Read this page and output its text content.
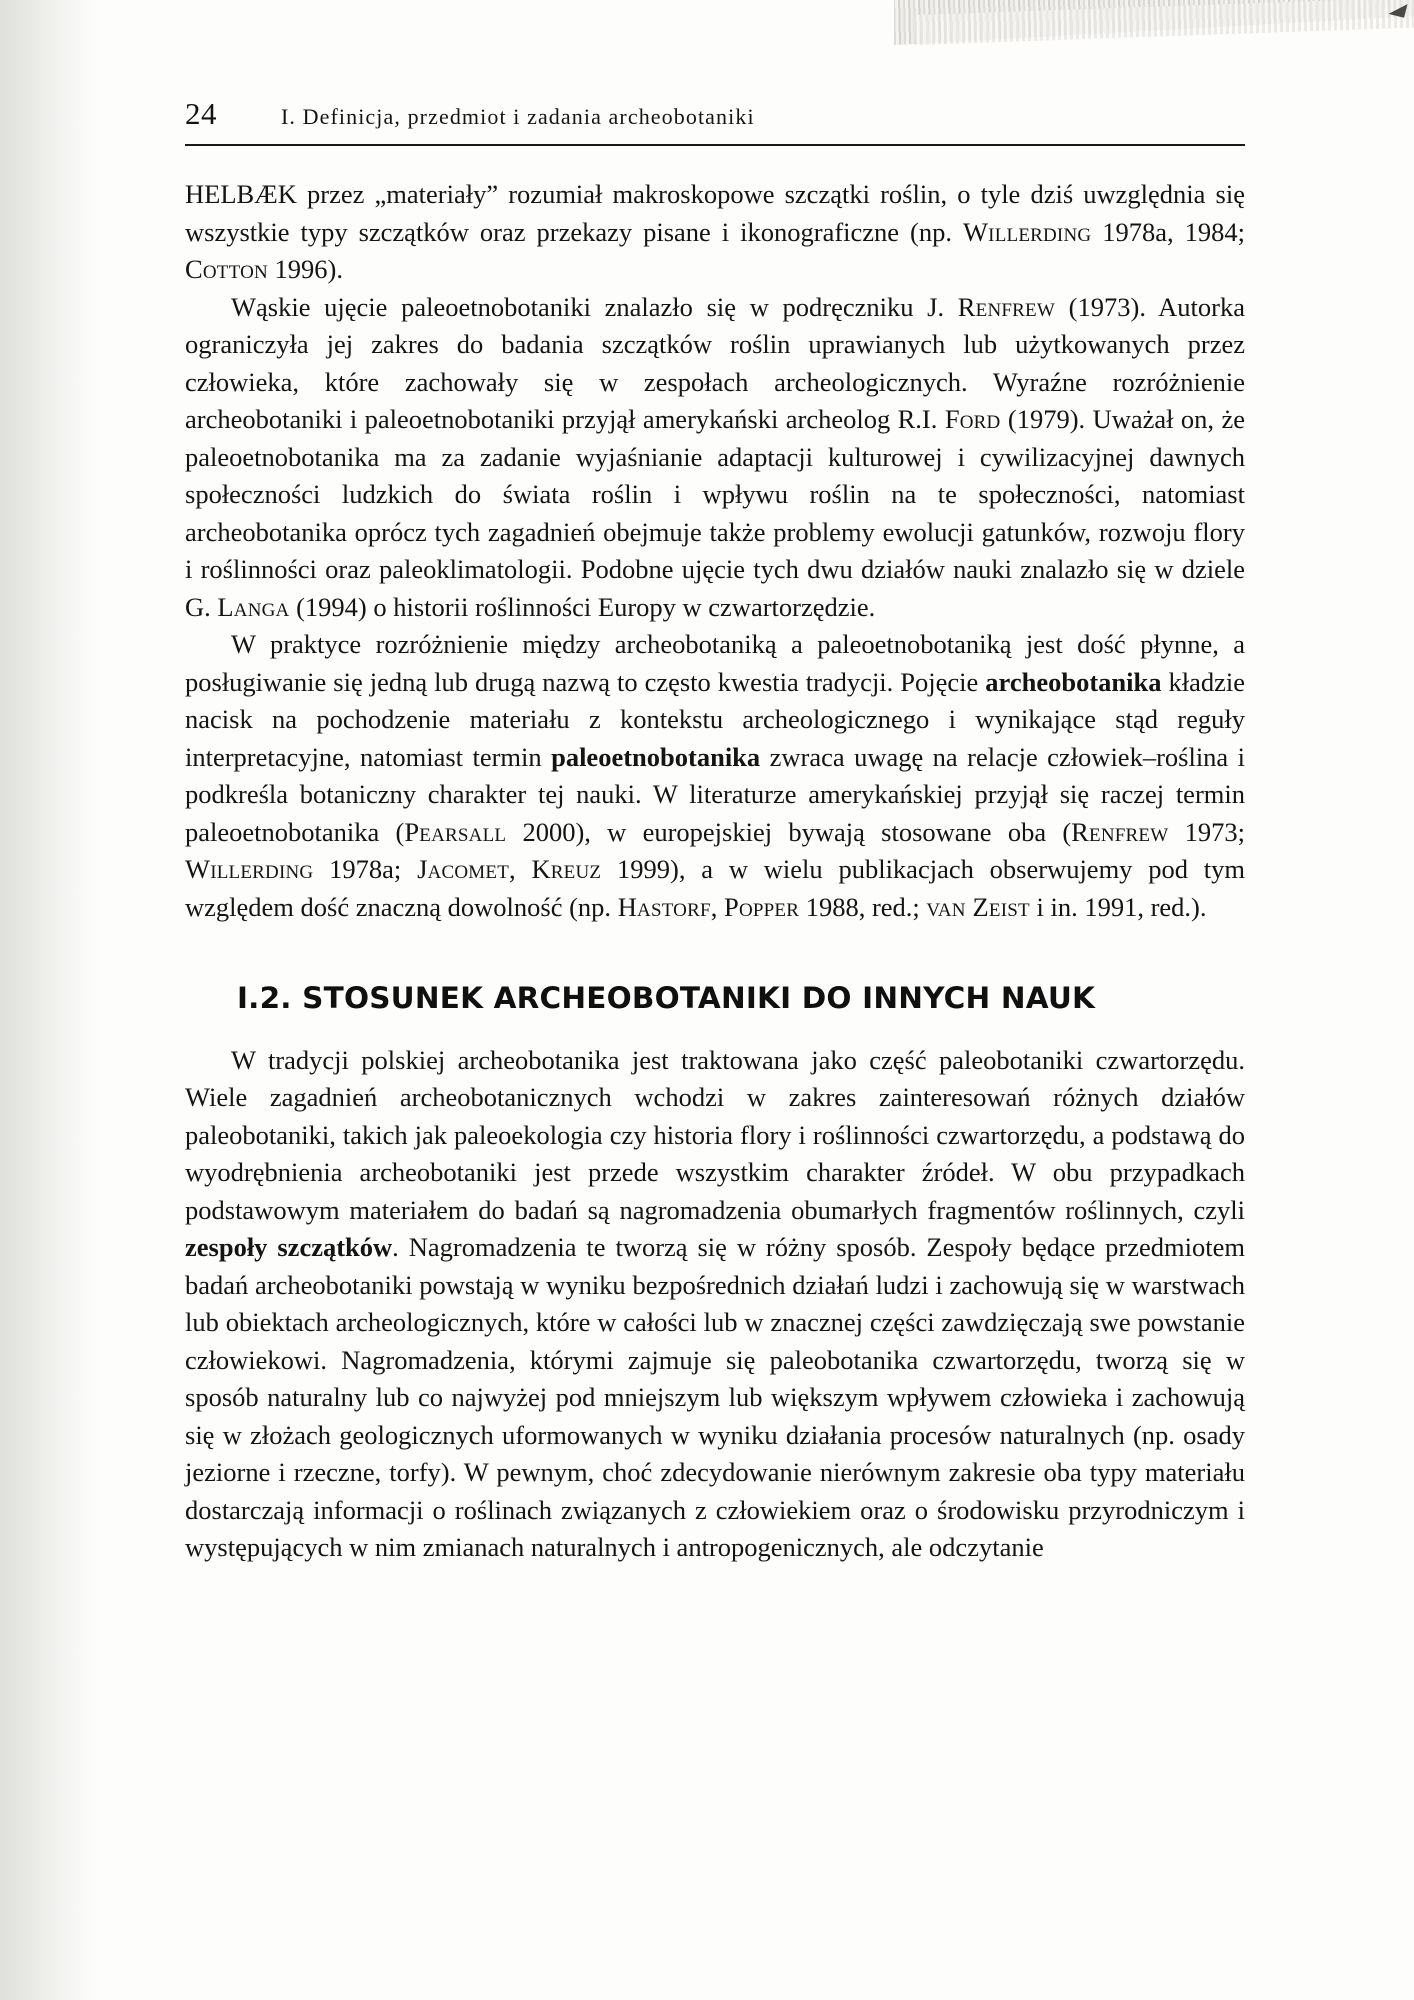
24	I. Definicja, przedmiot i zadania archeobotaniki

HELBÆK przez „materiały” rozumiał makroskopowe szczątki roślin, o tyle dziś uwzględnia się wszystkie typy szczątków oraz przekazy pisane i ikonograficzne (np. Willerding 1978a, 1984; Cotton 1996).

Wąskie ujęcie paleoetnobotaniki znalazło się w podręczniku J. Renfrew (1973). Autorka ograniczyła jej zakres do badania szczątków roślin uprawianych lub użytkowanych przez człowieka, które zachowały się w zespołach archeologicznych. Wyraźne rozróżnienie archeobotaniki i paleoetnobotaniki przyjął amerykański archeolog R.I. Ford (1979). Uważał on, że paleoetnobotanika ma za zadanie wyjaśnianie adaptacji kulturowej i cywilizacyjnej dawnych społeczności ludzkich do świata roślin i wpływu roślin na te społeczności, natomiast archeobotanika oprócz tych zagadnień obejmuje także problemy ewolucji gatunków, rozwoju flory i roślinności oraz paleoklimatologii. Podobne ujęcie tych dwu działów nauki znalazło się w dziele G. Langa (1994) o historii roślinności Europy w czwartorzędzie.

W praktyce rozróżnienie między archeobotaniką a paleoetnobotaniką jest dość płynne, a posługiwanie się jedną lub drugą nazwą to często kwestia tradycji. Pojęcie archeobotanika kładzie nacisk na pochodzenie materiału z kontekstu archeologicznego i wynikające stąd reguły interpretacyjne, natomiast termin paleoetnobotanika zwraca uwagę na relacje człowiek–roślina i podkreśla botaniczny charakter tej nauki. W literaturze amerykańskiej przyjął się raczej termin paleoetnobotanika (Pearsall 2000), w europejskiej bywają stosowane oba (Renfrew 1973; Willerding 1978a; Jacomet, Kreuz 1999), a w wielu publikacjach obserwujemy pod tym względem dość znaczną dowolność (np. Hastorf, Popper 1988, red.; van Zeist i in. 1991, red.).

I.2. STOSUNEK ARCHEOBOTANIKI DO INNYCH NAUK

W tradycji polskiej archeobotanika jest traktowana jako część paleobotaniki czwartorzędu. Wiele zagadnień archeobotanicznych wchodzi w zakres zainteresowań różnych działów paleobotaniki, takich jak paleoekologia czy historia flory i roślinności czwartorzędu, a podstawą do wyodrębnienia archeobotaniki jest przede wszystkim charakter źródeł. W obu przypadkach podstawowym materiałem do badań są nagromadzenia obumarłych fragmentów roślinnych, czyli zespoły szczątków. Nagromadzenia te tworzą się w różny sposób. Zespoły będące przedmiotem badań archeobotaniki powstają w wyniku bezpośrednich działań ludzi i zachowują się w warstwach lub obiektach archeologicznych, które w całości lub w znacznej części zawdzięczają swe powstanie człowiekowi. Nagromadzenia, którymi zajmuje się paleobotanika czwartorzędu, tworzą się w sposób naturalny lub co najwyżej pod mniejszym lub większym wpływem człowieka i zachowują się w złożach geologicznych uformowanych w wyniku działania procesów naturalnych (np. osady jeziorne i rzeczne, torfy). W pewnym, choć zdecydowanie nierównym zakresie oba typy materiału dostarczają informacji o roślinach związanych z człowiekiem oraz o środowisku przyrodniczym i występujących w nim zmianach naturalnych i antropogenicznych, ale odczytanie
